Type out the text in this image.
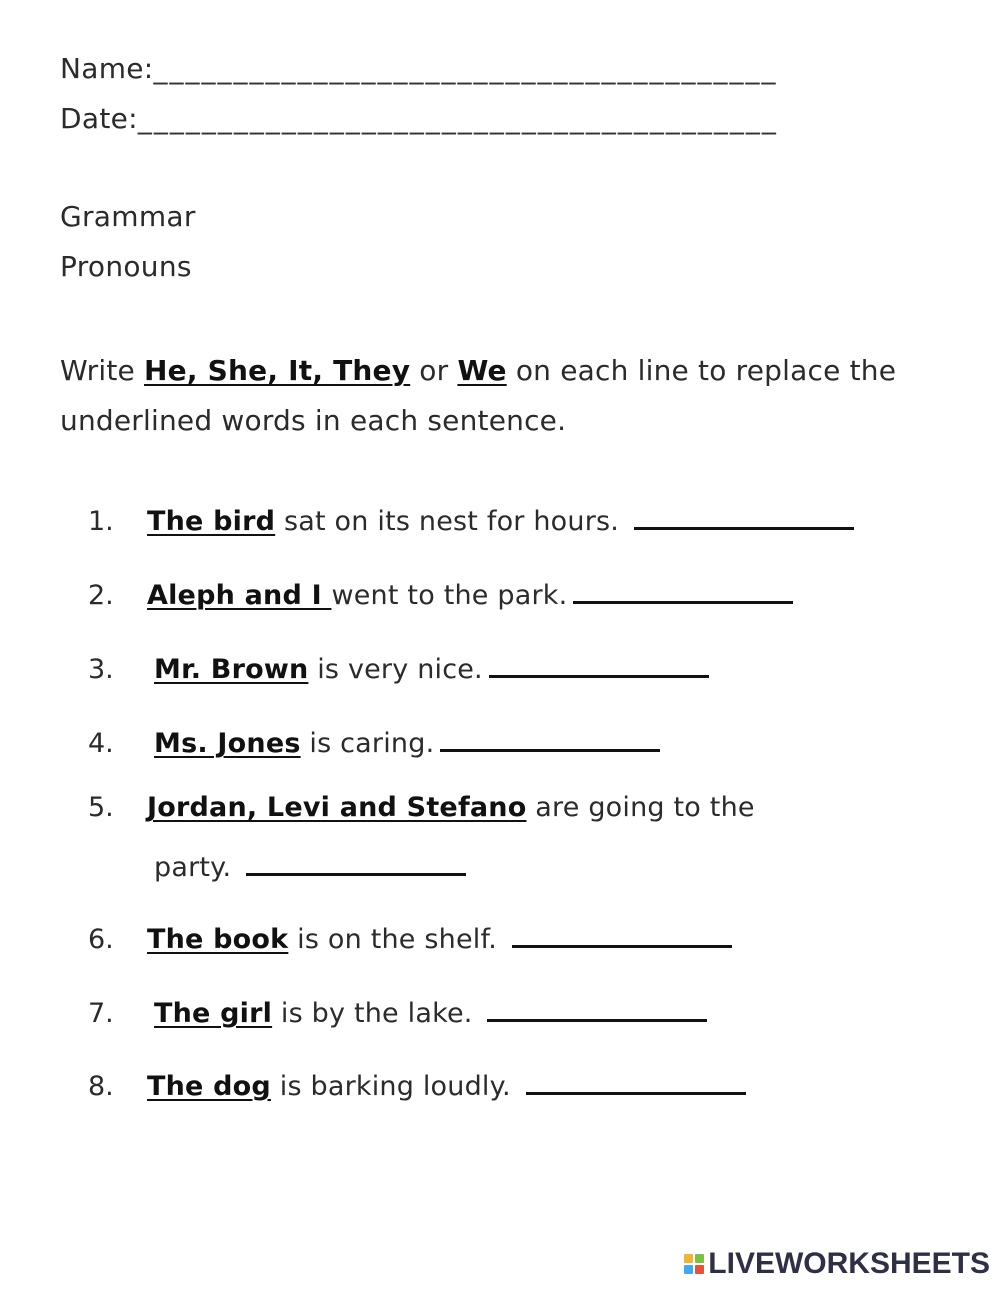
Name:_______________________________________
Date:________________________________________
Grammar
Pronouns
Write He, She, It, They or We on each line to replace the underlined words in each sentence.
1. The bird sat on its nest for hours.
2. Aleph and I went to the park.
3. Mr. Brown is very nice.
4. Ms. Jones is caring.
5. Jordan, Levi and Stefano are going to the
party.
6. The book is on the shelf.
7. The girl is by the lake.
8. The dog is barking loudly.
LIVEWORKSHEETS
